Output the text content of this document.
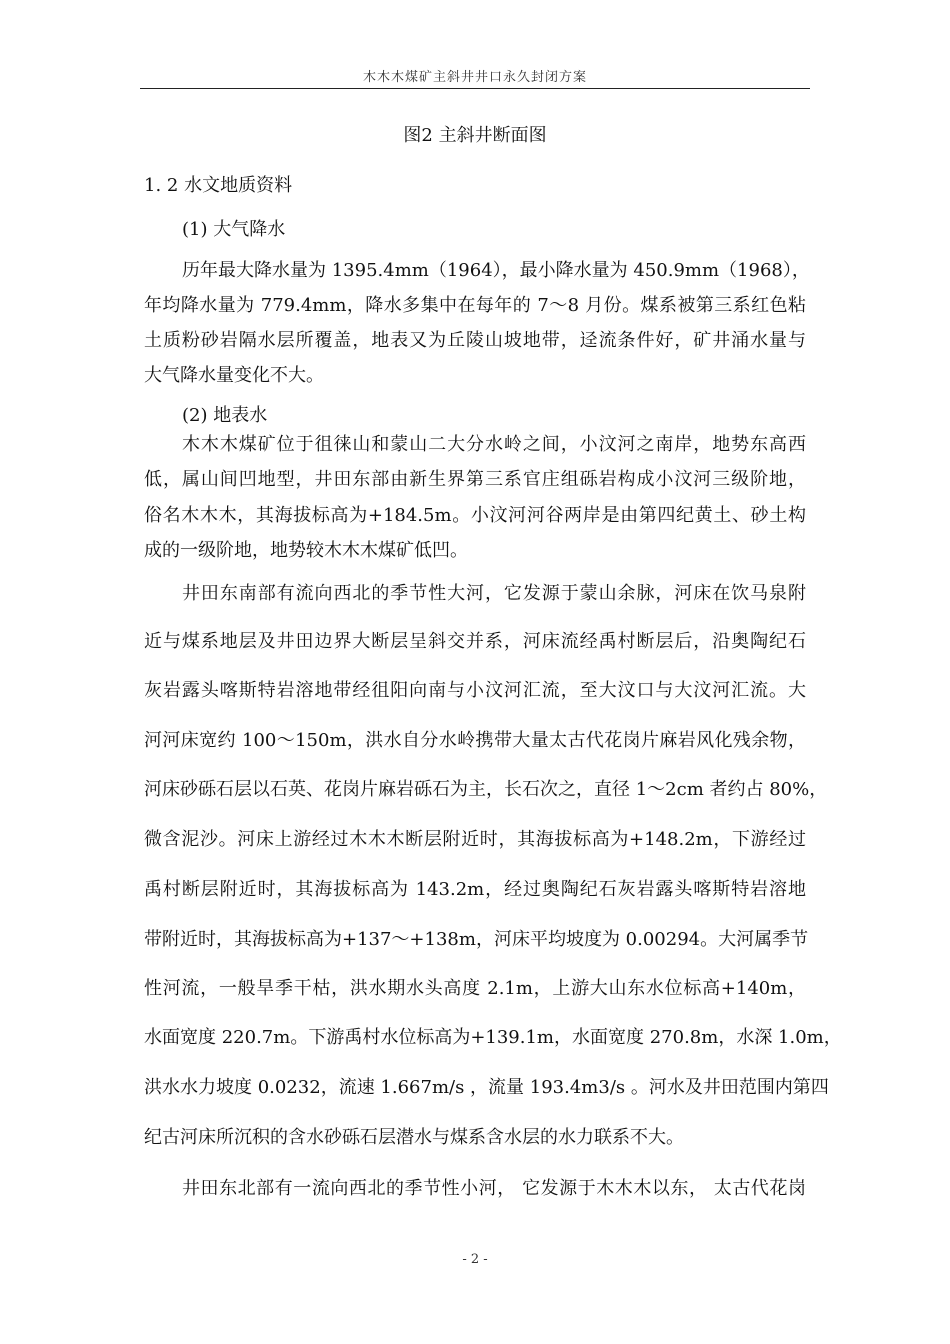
木木木煤矿主斜井井口永久封闭方案
图2 主斜井断面图
1. 2 水文地质资料
(1) 大气降水
历年最大降水量为 1395.4mm（1964），最小降水量为 450.9mm（1968），
年均降水量为 779.4mm，降水多集中在每年的 7～8 月份。煤系被第三系红色粘
土质粉砂岩隔水层所覆盖，地表又为丘陵山坡地带，迳流条件好，矿井涌水量与
大气降水量变化不大。
(2) 地表水
木木木煤矿位于徂徕山和蒙山二大分水岭之间，小汶河之南岸，地势东高西
低，属山间凹地型，井田东部由新生界第三系官庄组砾岩构成小汶河三级阶地，
俗名木木木，其海拔标高为+184.5m。小汶河河谷两岸是由第四纪黄土、砂土构
成的一级阶地，地势较木木木煤矿低凹。
井田东南部有流向西北的季节性大河，它发源于蒙山余脉，河床在饮马泉附
近与煤系地层及井田边界大断层呈斜交并系，河床流经禹村断层后，沿奥陶纪石
灰岩露头喀斯特岩溶地带经徂阳向南与小汶河汇流，至大汶口与大汶河汇流。大
河河床宽约 100～150m，洪水自分水岭携带大量太古代花岗片麻岩风化残余物，
河床砂砾石层以石英、花岗片麻岩砾石为主，长石次之，直径 1～2cm 者约占 80%，
微含泥沙。河床上游经过木木木断层附近时，其海拔标高为+148.2m，下游经过
禹村断层附近时，其海拔标高为 143.2m，经过奥陶纪石灰岩露头喀斯特岩溶地
带附近时，其海拔标高为+137～+138m，河床平均坡度为 0.00294。大河属季节
性河流，一般旱季干枯，洪水期水头高度 2.1m，上游大山东水位标高+140m，
水面宽度 220.7m。下游禹村水位标高为+139.1m，水面宽度 270.8m，水深 1.0m，
洪水水力坡度 0.0232，流速 1.667m/s ，流量 193.4m3/s 。河水及井田范围内第四
纪古河床所沉积的含水砂砾石层潜水与煤系含水层的水力联系不大。
井田东北部有一流向西北的季节性小河， 它发源于木木木以东， 太古代花岗
- 2 -
